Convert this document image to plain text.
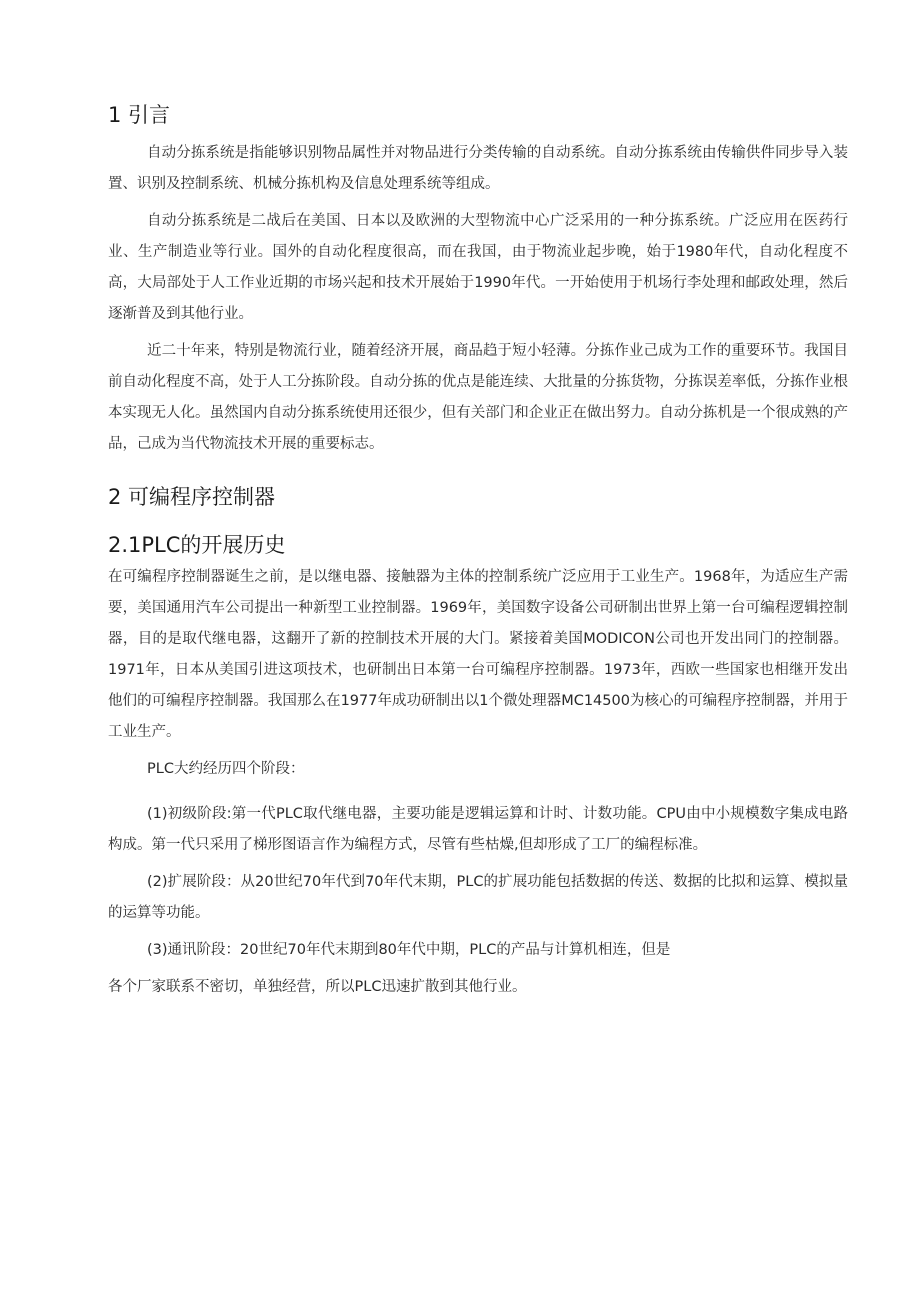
1 引言

自动分拣系统是指能够识别物品属性并对物品进行分类传输的自动系统。自动分拣系统由传输供件同步导入装置、识别及控制系统、机械分拣机构及信息处理系统等组成。

自动分拣系统是二战后在美国、日本以及欧洲的大型物流中心广泛采用的一种分拣系统。广泛应用在医药行业、生产制造业等行业。国外的自动化程度很高，而在我国，由于物流业起步晚，始于1980年代，自动化程度不高，大局部处于人工作业近期的市场兴起和技术开展始于1990年代。一开始使用于机场行李处理和邮政处理，然后逐渐普及到其他行业。

近二十年来，特别是物流行业，随着经济开展，商品趋于短小轻薄。分拣作业己成为工作的重要环节。我国目前自动化程度不高，处于人工分拣阶段。自动分拣的优点是能连续、大批量的分拣货物，分拣误差率低，分拣作业根本实现无人化。虽然国内自动分拣系统使用还很少，但有关部门和企业正在做出努力。自动分拣机是一个很成熟的产品，己成为当代物流技术开展的重要标志。

2 可编程序控制器
2.1PLC的开展历史

在可编程序控制器诞生之前，是以继电器、接触器为主体的控制系统广泛应用于工业生产。1968年，为适应生产需要，美国通用汽车公司提出一种新型工业控制器。1969年，美国数字设备公司研制出世界上第一台可编程逻辑控制器，目的是取代继电器，这翻开了新的控制技术开展的大门。紧接着美国MODICON公司也开发出同门的控制器。1971年，日本从美国引进这项技术，也研制出日本第一台可编程序控制器。1973年，西欧一些国家也相继开发出他们的可编程序控制器。我国那么在1977年成功研制出以1个微处理器MC14500为核心的可编程序控制器，并用于工业生产。

PLC大约经历四个阶段：

(1)初级阶段:第一代PLC取代继电器，主要功能是逻辑运算和计时、计数功能。CPU由中小规模数字集成电路构成。第一代只采用了梯形图语言作为编程方式，尽管有些枯燥,但却形成了工厂的编程标准。

(2)扩展阶段：从20世纪70年代到70年代末期，PLC的扩展功能包括数据的传送、数据的比拟和运算、模拟量的运算等功能。

(3)通讯阶段：20世纪70年代末期到80年代中期，PLC的产品与计算机相连，但是

各个厂家联系不密切，单独经营，所以PLC迅速扩散到其他行业。
